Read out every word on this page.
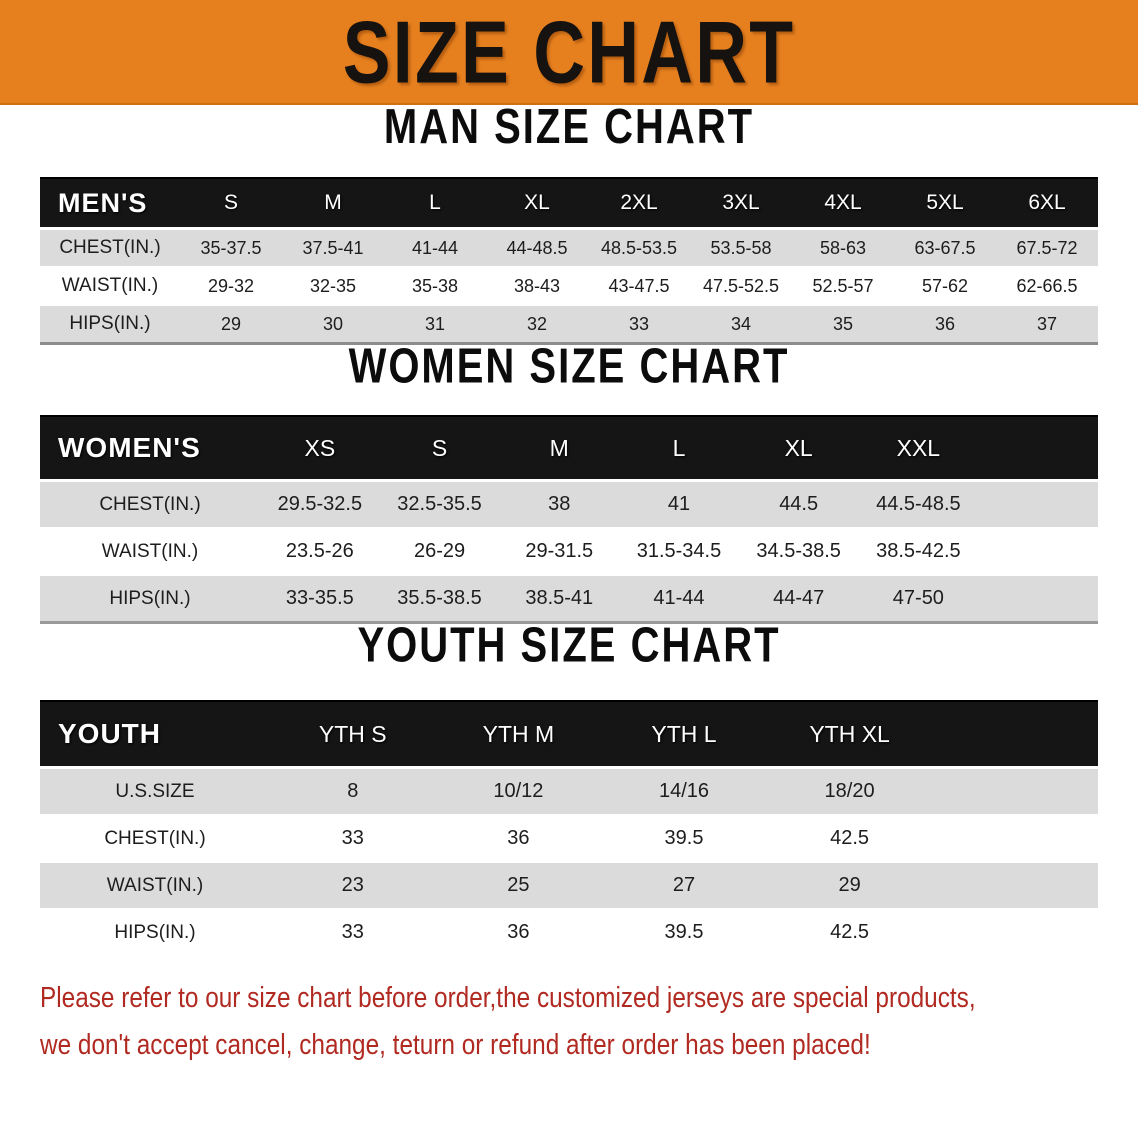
SIZE CHART
MAN SIZE CHART
MEN'S	S	M	L	XL	2XL	3XL	4XL	5XL	6XL
CHEST(IN.)	35-37.5	37.5-41	41-44	44-48.5	48.5-53.5	53.5-58	58-63	63-67.5	67.5-72
WAIST(IN.)	29-32	32-35	35-38	38-43	43-47.5	47.5-52.5	52.5-57	57-62	62-66.5
HIPS(IN.)	29	30	31	32	33	34	35	36	37
WOMEN SIZE CHART
WOMEN'S	XS	S	M	L	XL	XXL	
CHEST(IN.)	29.5-32.5	32.5-35.5	38	41	44.5	44.5-48.5	
WAIST(IN.)	23.5-26	26-29	29-31.5	31.5-34.5	34.5-38.5	38.5-42.5	
HIPS(IN.)	33-35.5	35.5-38.5	38.5-41	41-44	44-47	47-50	
YOUTH SIZE CHART
YOUTH	YTH S	YTH M	YTH L	YTH XL	
U.S.SIZE	8	10/12	14/16	18/20	
CHEST(IN.)	33	36	39.5	42.5	
WAIST(IN.)	23	25	27	29	
HIPS(IN.)	33	36	39.5	42.5	

Please refer to our size chart before order,the customized jerseys are special products,
we don't accept cancel, change, teturn or refund after order has been placed!
